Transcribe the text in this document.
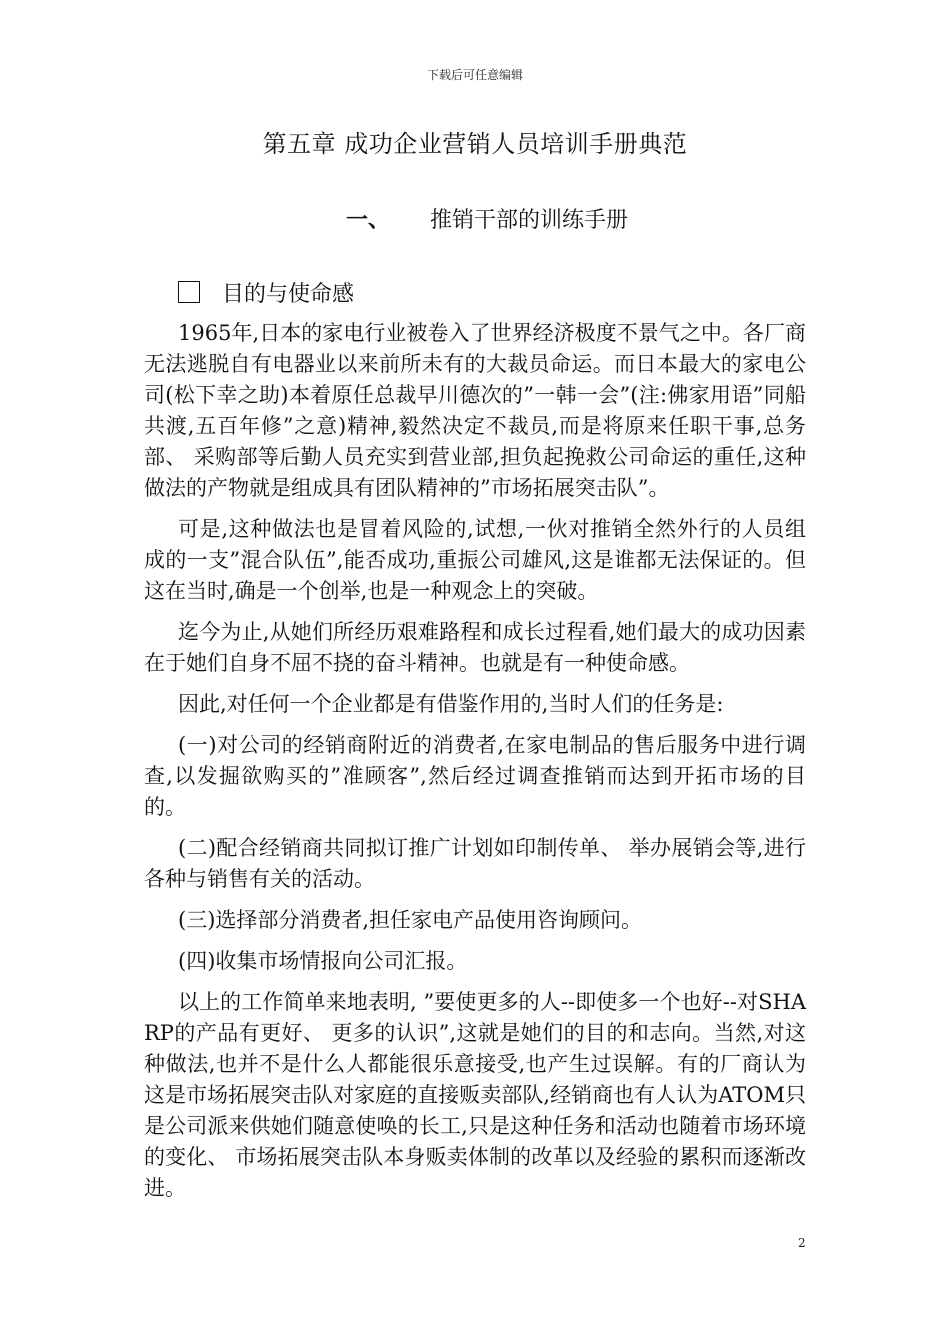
下载后可任意编辑
第五章 成功企业营销人员培训手册典范
一、 推销干部的训练手册
目的与使命感

1965年,日本的家电行业被卷入了世界经济极度不景气之中。各厂商无法逃脱自有电器业以来前所未有的大裁员命运。而日本最大的家电公司(松下幸之助)本着原任总裁早川德次的”一韩一会”(注:佛家用语”同船共渡,五百年修”之意)精神,毅然决定不裁员,而是将原来任职干事,总务部、 采购部等后勤人员充实到营业部,担负起挽救公司命运的重任,这种做法的产物就是组成具有团队精神的”市场拓展突击队”。

可是,这种做法也是冒着风险的,试想,一伙对推销全然外行的人员组成的一支”混合队伍”,能否成功,重振公司雄风,这是谁都无法保证的。但这在当时,确是一个创举,也是一种观念上的突破。

迄今为止,从她们所经历艰难路程和成长过程看,她们最大的成功因素在于她们自身不屈不挠的奋斗精神。也就是有一种使命感。

因此,对任何一个企业都是有借鉴作用的,当时人们的任务是:

(一)对公司的经销商附近的消费者,在家电制品的售后服务中进行调查,以发掘欲购买的”准顾客”,然后经过调查推销而达到开拓市场的目的。

(二)配合经销商共同拟订推广计划如印制传单、 举办展销会等,进行各种与销售有关的活动。

(三)选择部分消费者,担任家电产品使用咨询顾问。

(四)收集市场情报向公司汇报。

以上的工作简单来地表明, ”要使更多的人--即使多一个也好--对SHARP的产品有更好、 更多的认识”,这就是她们的目的和志向。当然,对这种做法,也并不是什么人都能很乐意接受,也产生过误解。有的厂商认为这是市场拓展突击队对家庭的直接贩卖部队,经销商也有人认为ATOM只是公司派来供她们随意使唤的长工,只是这种任务和活动也随着市场环境的变化、 市场拓展突击队本身贩卖体制的改革以及经验的累积而逐渐改进。

2
